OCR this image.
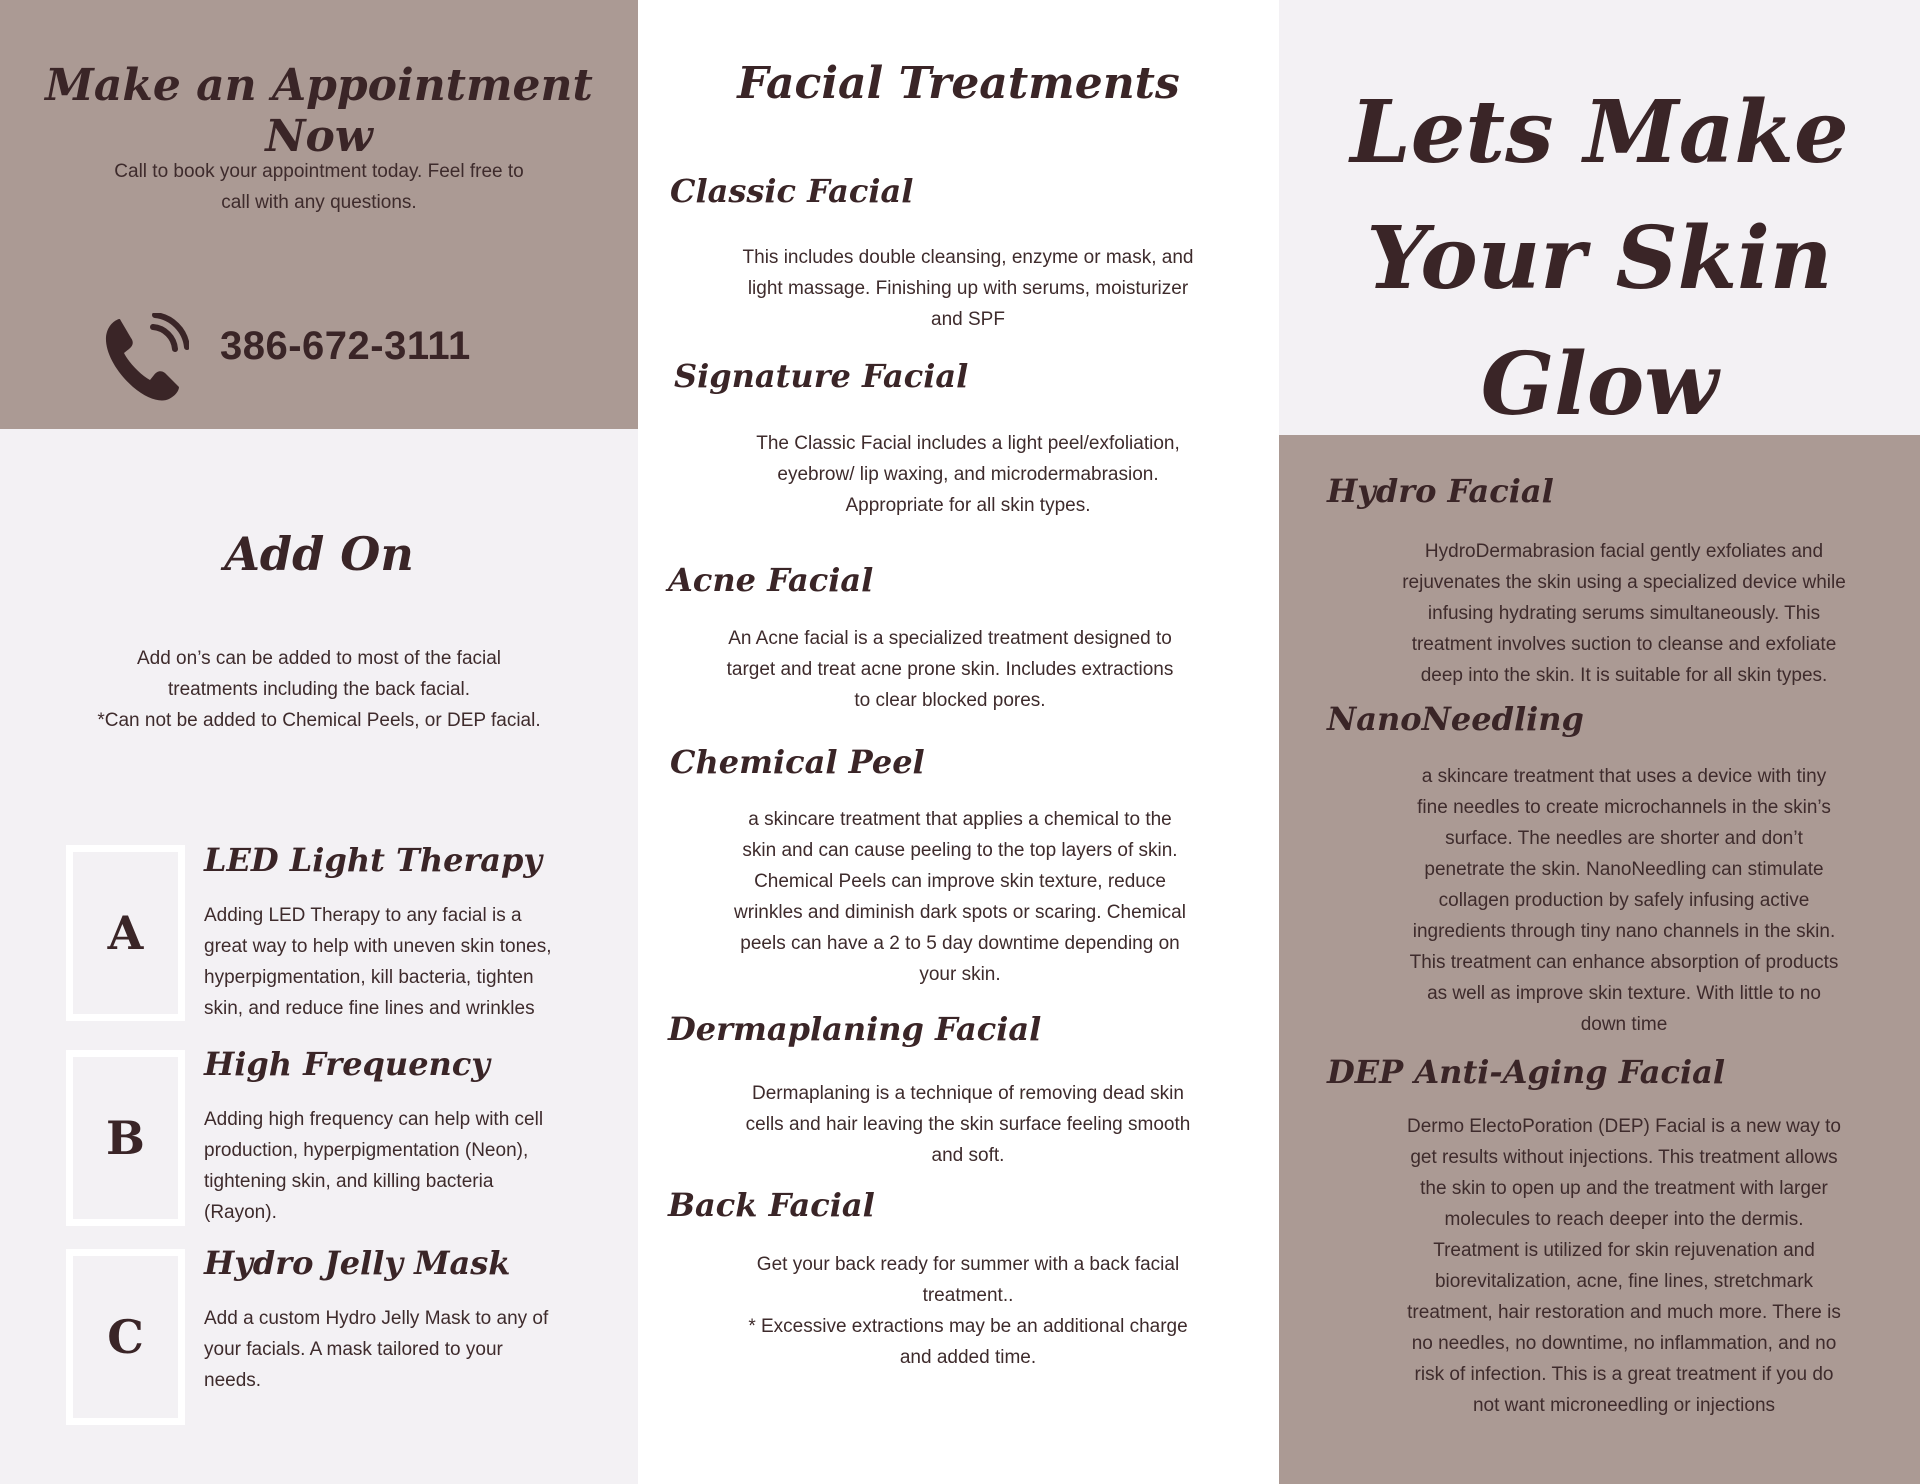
Make an Appointment Now

Call to book your appointment today. Feel free to
call with any questions.

386-672-3111
Add On

Add on’s can be added to most of the facial
treatments including the back facial.
*Can not be added to Chemical Peels, or DEP facial.

A
LED Light Therapy

Adding LED Therapy to any facial is a
great way to help with uneven skin tones,
hyperpigmentation, kill bacteria, tighten
skin, and reduce fine lines and wrinkles

B
High Frequency

Adding high frequency can help with cell
production, hyperpigmentation (Neon),
tightening skin, and killing bacteria
(Rayon).

C
Hydro Jelly Mask

Add a custom Hydro Jelly Mask to any of
your facials. A mask tailored to your
needs.

Facial Treatments
Classic Facial

This includes double cleansing, enzyme or mask, and
light massage. Finishing up with serums, moisturizer
and SPF

Signature Facial

The Classic Facial includes a light peel/exfoliation,
eyebrow/ lip waxing, and microdermabrasion.
Appropriate for all skin types.

Acne Facial

An Acne facial is a specialized treatment designed to
target and treat acne prone skin. Includes extractions
to clear blocked pores.

Chemical Peel

a skincare treatment that applies a chemical to the
skin and can cause peeling to the top layers of skin.
Chemical Peels can improve skin texture, reduce
wrinkles and diminish dark spots or scaring. Chemical
peels can have a 2 to 5 day downtime depending on
your skin.

Dermaplaning Facial

Dermaplaning is a technique of removing dead skin
cells and hair leaving the skin surface feeling smooth
and soft.

Back Facial

Get your back ready for summer with a back facial
treatment..
* Excessive extractions may be an additional charge
and added time.

Lets Make
Your Skin
Glow
Hydro Facial

HydroDermabrasion facial gently exfoliates and
rejuvenates the skin using a specialized device while
infusing hydrating serums simultaneously. This
treatment involves suction to cleanse and exfoliate
deep into the skin. It is suitable for all skin types.

NanoNeedling

a skincare treatment that uses a device with tiny
fine needles to create microchannels in the skin’s
surface. The needles are shorter and don’t
penetrate the skin. NanoNeedling can stimulate
collagen production by safely infusing active
ingredients through tiny nano channels in the skin.
This treatment can enhance absorption of products
as well as improve skin texture. With little to no
down time

DEP Anti-Aging Facial

Dermo ElectoPoration (DEP) Facial is a new way to
get results without injections. This treatment allows
the skin to open up and the treatment with larger
molecules to reach deeper into the dermis.
Treatment is utilized for skin rejuvenation and
biorevitalization, acne, fine lines, stretchmark
treatment, hair restoration and much more. There is
no needles, no downtime, no inflammation, and no
risk of infection. This is a great treatment if you do
not want microneedling or injections
